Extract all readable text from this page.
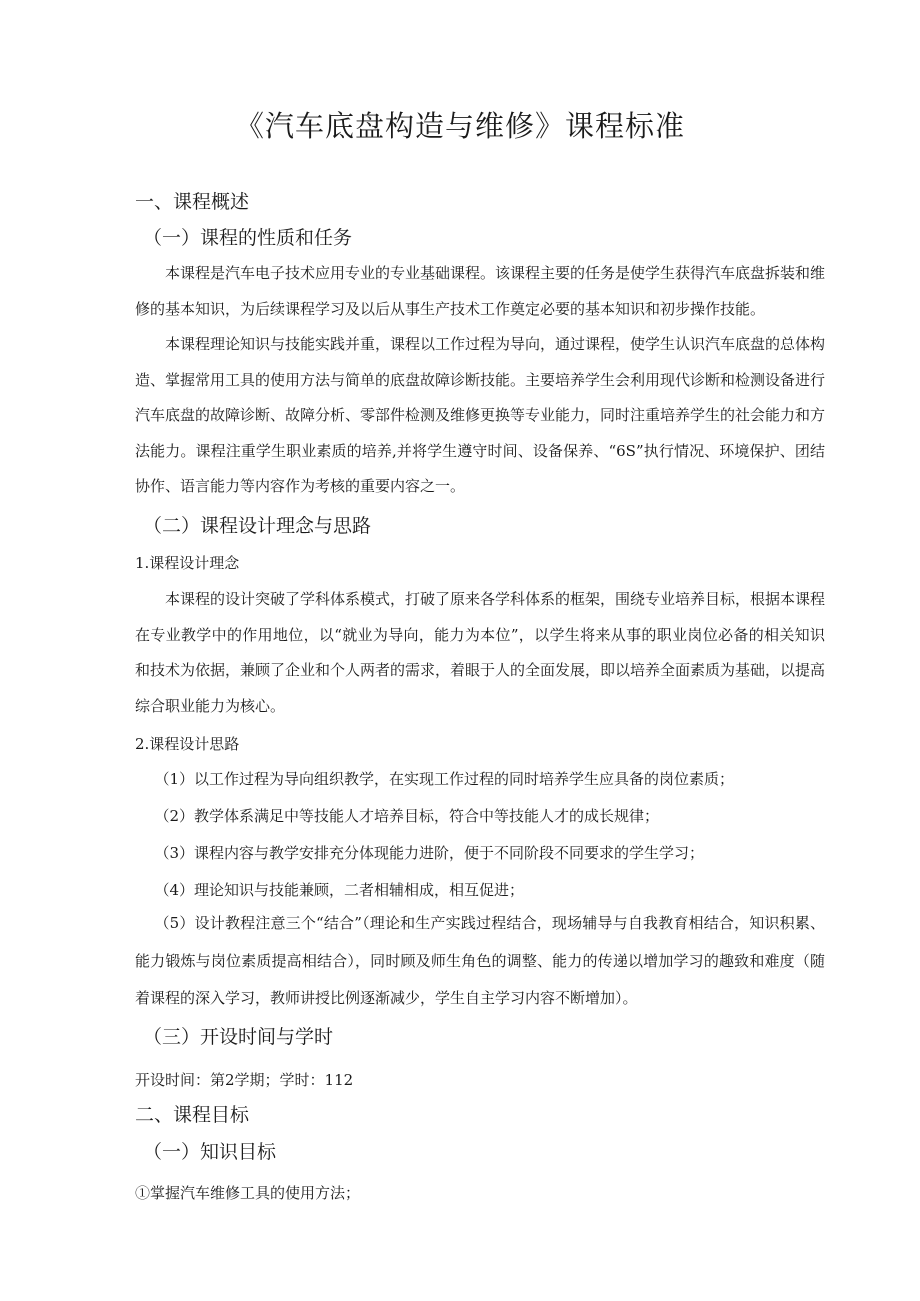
《汽车底盘构造与维修》课程标准
一、课程概述
（一）课程的性质和任务

本课程是汽车电子技术应用专业的专业基础课程。该课程主要的任务是使学生获得汽车底盘拆装和维修的基本知识，为后续课程学习及以后从事生产技术工作奠定必要的基本知识和初步操作技能。

本课程理论知识与技能实践并重，课程以工作过程为导向，通过课程，使学生认识汽车底盘的总体构造、掌握常用工具的使用方法与简单的底盘故障诊断技能。主要培养学生会利用现代诊断和检测设备进行汽车底盘的故障诊断、故障分析、零部件检测及维修更换等专业能力，同时注重培养学生的社会能力和方法能力。课程注重学生职业素质的培养,并将学生遵守时间、设备保养、“6S”执行情况、环境保护、团结协作、语言能力等内容作为考核的重要内容之一。

（二）课程设计理念与思路
1.课程设计理念

本课程的设计突破了学科体系模式，打破了原来各学科体系的框架，围绕专业培养目标，根据本课程在专业教学中的作用地位，以“就业为导向，能力为本位”，以学生将来从事的职业岗位必备的相关知识和技术为依据，兼顾了企业和个人两者的需求，着眼于人的全面发展，即以培养全面素质为基础，以提高综合职业能力为核心。

2.课程设计思路

（1）以工作过程为导向组织教学，在实现工作过程的同时培养学生应具备的岗位素质；

（2）教学体系满足中等技能人才培养目标，符合中等技能人才的成长规律；

（3）课程内容与教学安排充分体现能力进阶，便于不同阶段不同要求的学生学习；

（4）理论知识与技能兼顾，二者相辅相成，相互促进；

（5）设计教程注意三个“结合”（理论和生产实践过程结合，现场辅导与自我教育相结合，知识积累、能力锻炼与岗位素质提高相结合），同时顾及师生角色的调整、能力的传递以增加学习的趣致和难度（随着课程的深入学习，教师讲授比例逐渐减少，学生自主学习内容不断增加）。

（三）开设时间与学时
开设时间：第2学期；学时：112
二、课程目标
（一）知识目标
①掌握汽车维修工具的使用方法；
